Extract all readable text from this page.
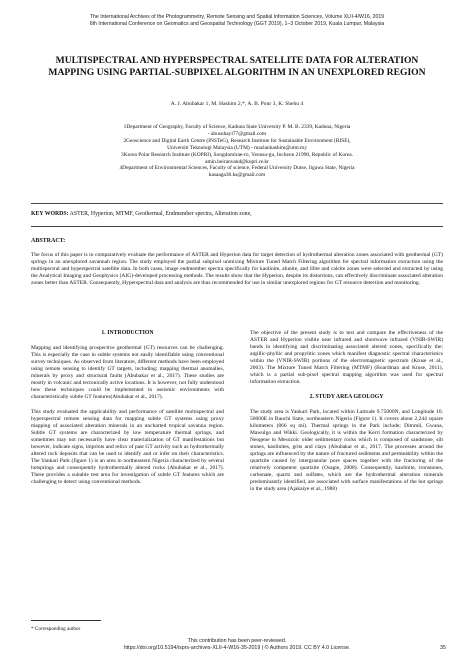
The International Archives of the Photogrammetry, Remote Sensing and Spatial Information Sciences, Volume XLII-4/W16, 2019
6th International Conference on Geomatics and Geospatial Technology (GGT 2019), 1–3 October 2019, Kuala Lumpur, Malaysia
MULTISPECTRAL AND HYPERSPECTRAL SATELLITE DATA FOR ALTERATION MAPPING USING PARTIAL-SUBPIXEL ALGORITHM IN AN UNEXPLORED REGION
A. J. Abubakar 1, M. Hashim 2,*, A. B. Pour 3, K. Shehu 4
1Department of Geography, Faculty of Science, Kaduna State University P. M. B. 2339, Kaduna, Nigeria
- abusuhayl77@gmail.com
2Geoscience and Digital Earth Centre (INSTeG), Research Institute for Sustainable Environment (RISE),
Universiti Teknologi Malaysia (UTM) - mazlanhashim@utm.my
3Korea Polar Research Institute (KOPRI), Songdomirae-ro, Yeonsu-gu, Incheon 21990, Republic of Korea.
amin.beiranvand@kopri.re.kr
4Department of Environmental Sciences, Faculty of science, Federal University Dutse, Jigawa State, Nigeria
kasaaga36.ks@gmail.com
KEY WORDS: ASTER, Hyperion, MTMF, Geothermal, Endmember spectra, Alteration zone,
ABSTRACT:
The focus of this paper is to comparatively evaluate the performance of ASTER and Hyperion data for target detection of hydrothermal alteration zones associated with geothermal (GT) springs in an unexplored savannah region. The study employed the partial subpixel unmixing Mixture Tuned Match Filtering algorithm for spectral information extraction using the multispectral and hyperspectral satellite data. In both cases, image endmember spectra specifically for kaolinite, alunite, and illite and calcite zones were selected and extracted by using the Analytical Imaging and Geophysics (AIG)-developed processing methods. The results show that the Hyperion, despite its distortions, can effectively discriminate associated alteration zones better than ASTER. Consequently, Hyperspectral data and analysis are thus recommended for use in similar unexplored regions for GT resource detection and monitoring.
1. INTRODUCTION

Mapping and identifying prospective geothermal (GT) resources can be challenging. This is especially the case in subtle systems not easily identifiable using conventional survey techniques. As observed from literature, different methods have been employed using remote sensing to identify GT targets, including; mapping thermal anomalies, minerals by proxy and structural faults (Abubakar et al., 2017). These studies are mostly in volcanic and tectonically active locations. It is however, not fully understood how these techniques could be implemented in aseismic environments with characteristically subtle GT features(Abubakar et al., 2017).

This study evaluated the applicability and performance of satellite multispectral and hyperspectral remote sensing data for mapping subtle GT systems using proxy mapping of associated alteration minerals in an uncharted tropical savanna region. Subtle GT systems are characterized by low temperature thermal springs, and sometimes may not necessarily have clear materialization of GT manifestations but however, indicate signs, imprints and relics of past GT activity such as hydrothermally altered rock deposits that can be used to identify and or infer on their characteristics. The Yankari Park (figure 1) is an area in northeastern Nigeria characterized by several hotsprings and consequently hydrothermally altered rocks (Abubakar et al., 2017). These provides a suitable test area for investigation of subtle GT features which are challenging to detect using conventional methods.

The objective of the present study is to test and compare the effectiveness of the ASTER and Hyperion visible near infrared and shortwave infrared (VNIR-SWIR) bands in identifying and discriminating associated altered zones, specifically the; argillic-phyllic and propylitic zones which manifest diagnostic spectral characteristics within the (VNIR-SWIR) portions of the electromagnetic spectrum (Kruse et al., 2003). The Mixture Tuned Match Filtering (MTMF) (Boardman and Kruse, 2011), which is a partial sub-pixel spectral mapping algorithm was used for spectral information extraction.

2. STUDY AREA GEOLOGY

The study area is Yankari Park, located within Latitude 9.75000N, and Longitude 10. 50000E in Bauchi State, northeastern Nigeria (Figure 1). It covers about 2,244 square kilometers (866 sq mi). Thermal springs in the Park include; Dimmil, Gwana, Mawulgo and Wikki. Geologically, it is within the Kerri formation characterized by Neogene to Mesozoic older sedimentary rocks which is composed of sandstone, silt stones, kaolinites, grits and clays (Abubakar et al., 2017. The processes around the springs are influenced by the nature of fractured sediments and permeability within the quartzite caused by intergranular pore spaces together with the fracturing of the relatively competent quartzite (Osagie, 2008). Consequently, kaolinite, ironstones, carbonate, quartz and sulfates, which are the hydrothermal alteration minerals predominantly identified, are associated with surface manifestations of the hot springs in the study area (Ajakaiye et al., 1988)

* Corresponding author
This contribution has been peer-reviewed.
https://doi.org/10.5194/isprs-archives-XLII-4-W16-35-2019 | © Authors 2019. CC BY 4.0 License.	35
